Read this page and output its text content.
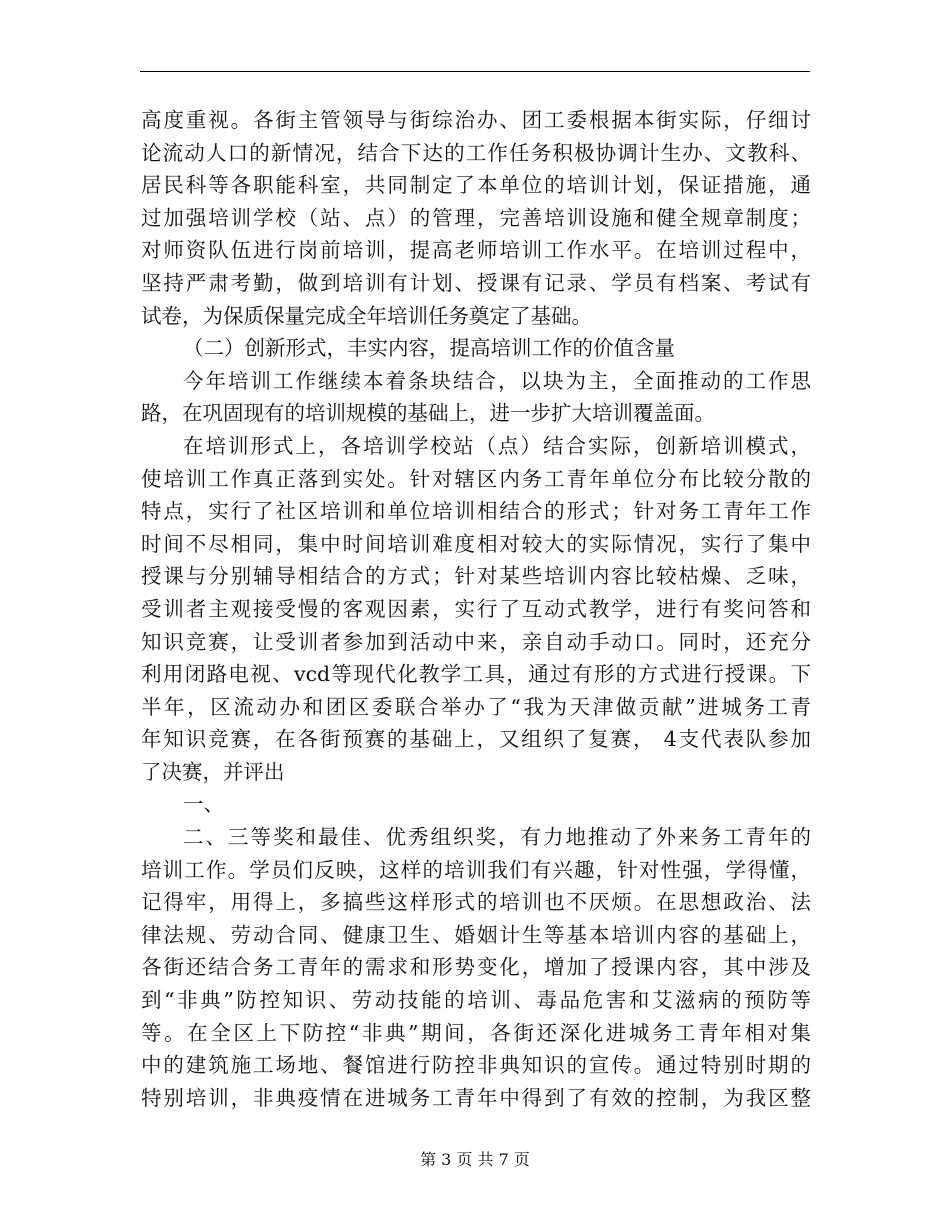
高度重视。各街主管领导与街综治办、团工委根据本街实际，仔细讨
论流动人口的新情况，结合下达的工作任务积极协调计生办、文教科、
居民科等各职能科室，共同制定了本单位的培训计划，保证措施，通
过加强培训学校（站、点）的管理，完善培训设施和健全规章制度；
对师资队伍进行岗前培训，提高老师培训工作水平。在培训过程中，
坚持严肃考勤，做到培训有计划、授课有记录、学员有档案、考试有
试卷，为保质保量完成全年培训任务奠定了基础。
（二）创新形式，丰实内容，提高培训工作的价值含量
今年培训工作继续本着条块结合，以块为主，全面推动的工作思
路，在巩固现有的培训规模的基础上，进一步扩大培训覆盖面。
在培训形式上，各培训学校站（点）结合实际，创新培训模式，
使培训工作真正落到实处。针对辖区内务工青年单位分布比较分散的
特点，实行了社区培训和单位培训相结合的形式；针对务工青年工作
时间不尽相同，集中时间培训难度相对较大的实际情况，实行了集中
授课与分别辅导相结合的方式；针对某些培训内容比较枯燥、乏味，
受训者主观接受慢的客观因素，实行了互动式教学，进行有奖问答和
知识竞赛，让受训者参加到活动中来，亲自动手动口。同时，还充分
利用闭路电视、vcd等现代化教学工具，通过有形的方式进行授课。下
半年，区流动办和团区委联合举办了“我为天津做贡献”进城务工青
年知识竞赛，在各街预赛的基础上，又组织了复赛， 4支代表队参加
了决赛，并评出
一、
二、三等奖和最佳、优秀组织奖，有力地推动了外来务工青年的
培训工作。学员们反映，这样的培训我们有兴趣，针对性强，学得懂，
记得牢，用得上，多搞些这样形式的培训也不厌烦。在思想政治、法
律法规、劳动合同、健康卫生、婚姻计生等基本培训内容的基础上，
各街还结合务工青年的需求和形势变化，增加了授课内容，其中涉及
到“非典”防控知识、劳动技能的培训、毒品危害和艾滋病的预防等
等。在全区上下防控“非典”期间，各街还深化进城务工青年相对集
中的建筑施工场地、餐馆进行防控非典知识的宣传。通过特别时期的
特别培训，非典疫情在进城务工青年中得到了有效的控制，为我区整
第 3 页 共 7 页
